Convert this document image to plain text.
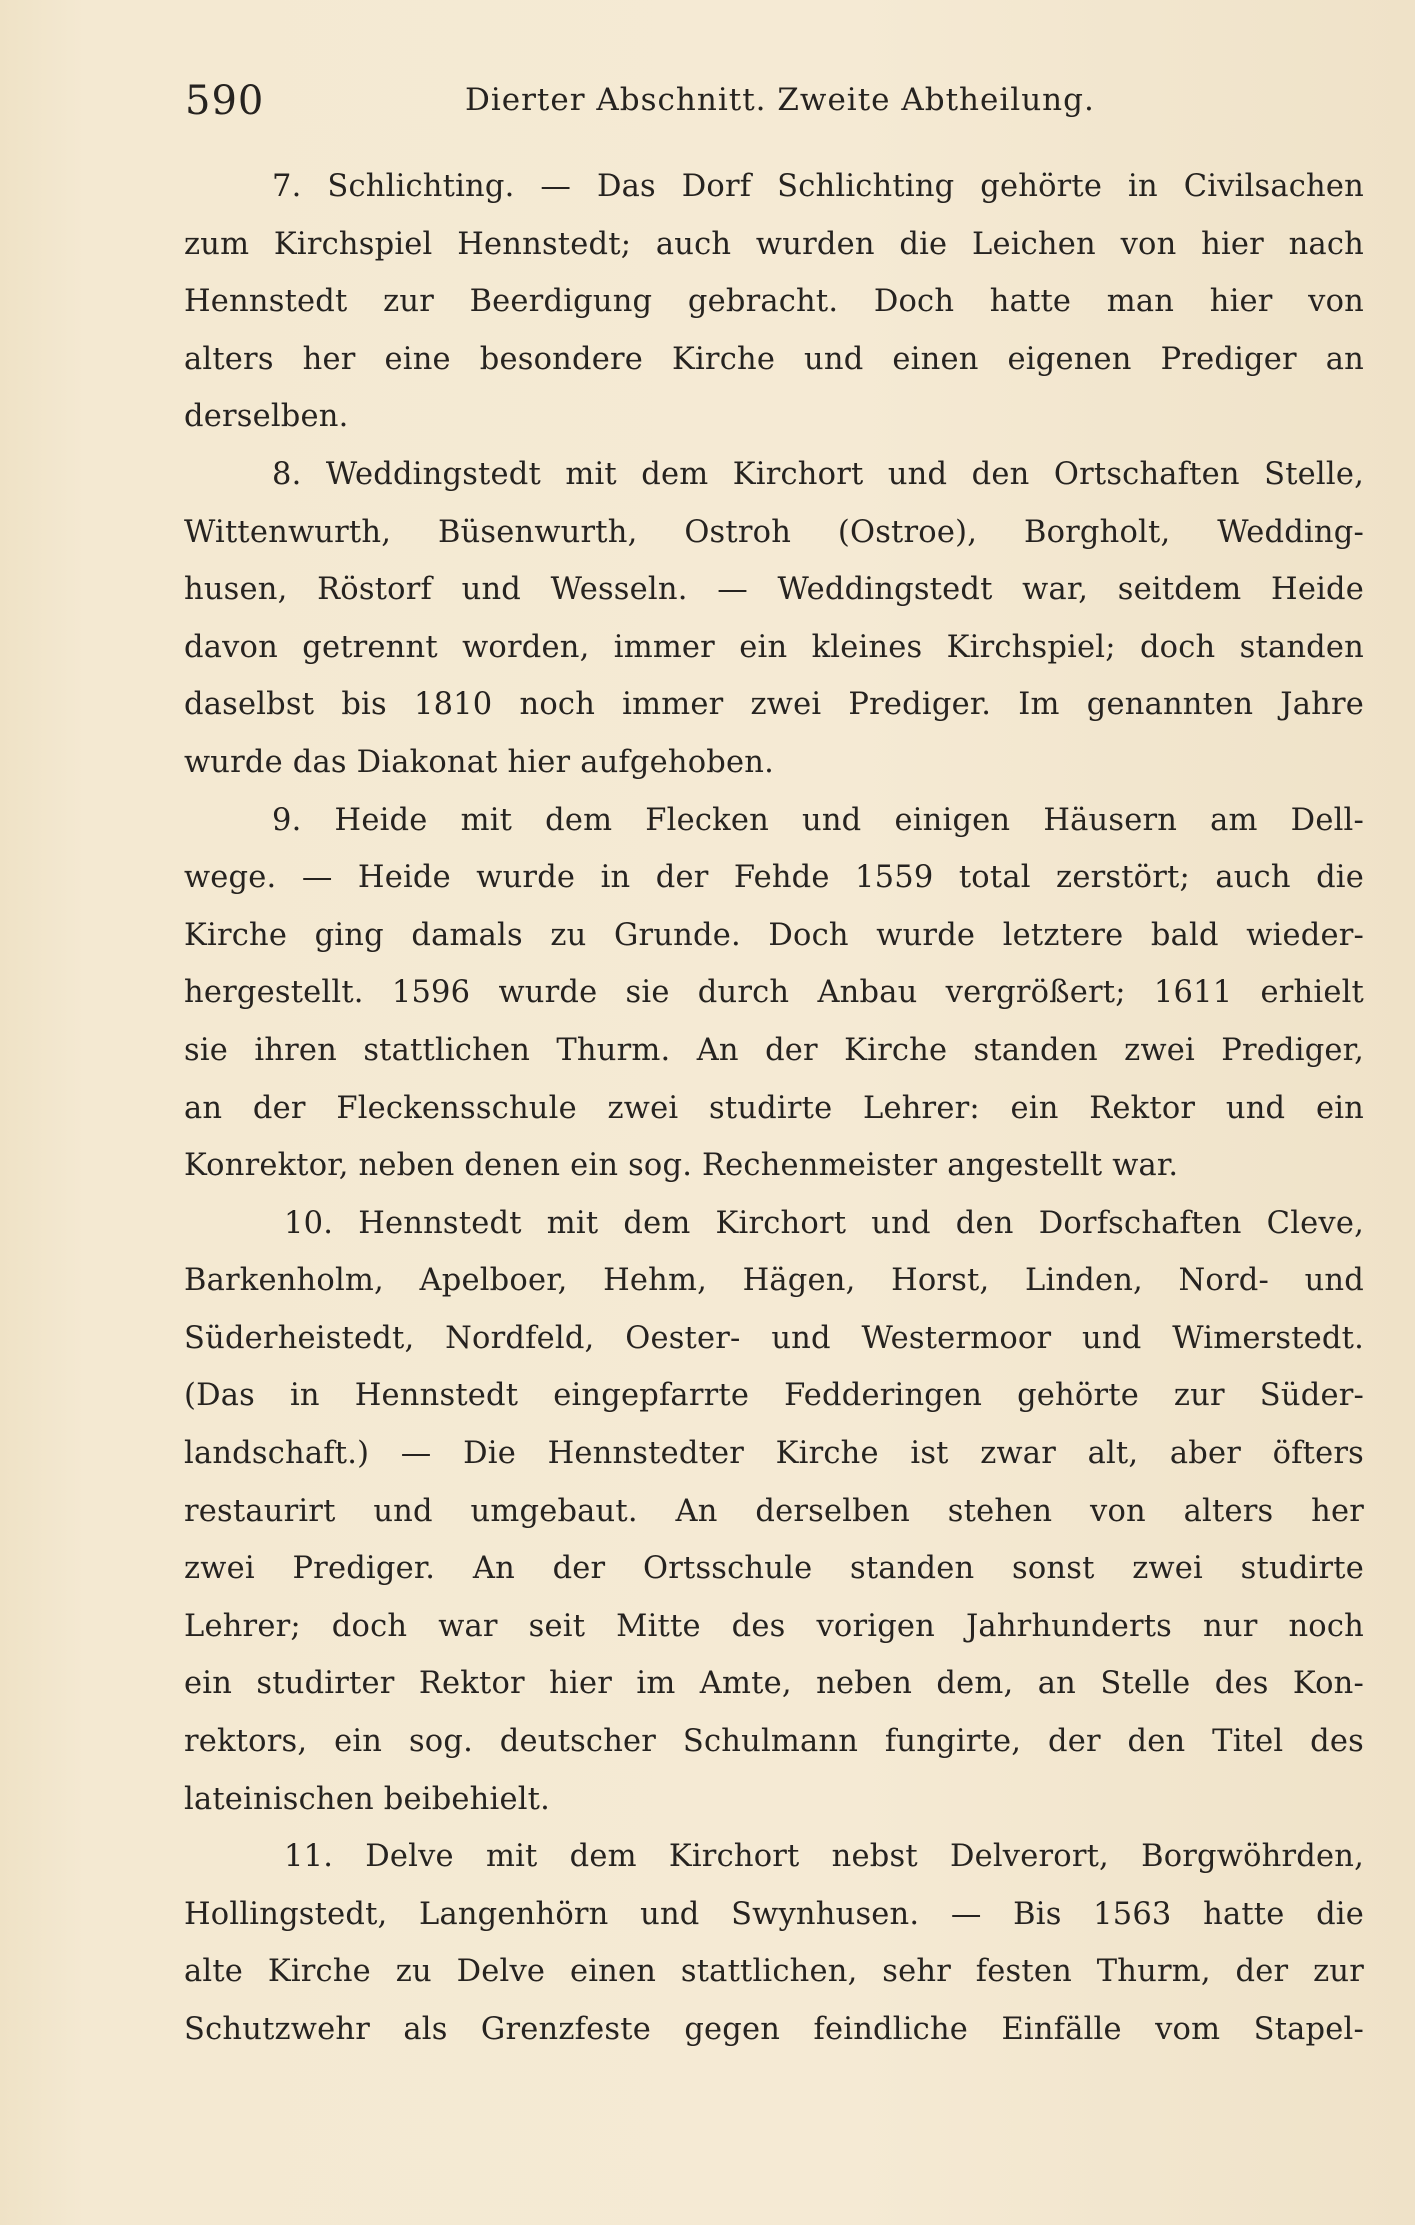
590	Dierter Abschnitt. Zweite Abtheilung.
7. Schlichting. — Das Dorf Schlichting gehörte in Civilsachen
zum Kirchspiel Hennstedt; auch wurden die Leichen von hier nach
Hennstedt zur Beerdigung gebracht. Doch hatte man hier von
alters her eine besondere Kirche und einen eigenen Prediger an
derselben.
8. Weddingstedt mit dem Kirchort und den Ortschaften Stelle,
Wittenwurth, Büsenwurth, Ostroh (Ostroe), Borgholt, Wedding-
husen, Röstorf und Wesseln. — Weddingstedt war, seitdem Heide
davon getrennt worden, immer ein kleines Kirchspiel; doch standen
daselbst bis 1810 noch immer zwei Prediger. Im genannten Jahre
wurde das Diakonat hier aufgehoben.
9. Heide mit dem Flecken und einigen Häusern am Dell-
wege. — Heide wurde in der Fehde 1559 total zerstört; auch die
Kirche ging damals zu Grunde. Doch wurde letztere bald wieder-
hergestellt. 1596 wurde sie durch Anbau vergrößert; 1611 erhielt
sie ihren stattlichen Thurm. An der Kirche standen zwei Prediger,
an der Fleckensschule zwei studirte Lehrer: ein Rektor und ein
Konrektor, neben denen ein sog. Rechenmeister angestellt war.
10. Hennstedt mit dem Kirchort und den Dorfschaften Cleve,
Barkenholm, Apelboer, Hehm, Hägen, Horst, Linden, Nord- und
Süderheistedt, Nordfeld, Oester- und Westermoor und Wimerstedt.
(Das in Hennstedt eingepfarrte Fedderingen gehörte zur Süder-
landschaft.) — Die Hennstedter Kirche ist zwar alt, aber öfters
restaurirt und umgebaut. An derselben stehen von alters her
zwei Prediger. An der Ortsschule standen sonst zwei studirte
Lehrer; doch war seit Mitte des vorigen Jahrhunderts nur noch
ein studirter Rektor hier im Amte, neben dem, an Stelle des Kon-
rektors, ein sog. deutscher Schulmann fungirte, der den Titel des
lateinischen beibehielt.
11. Delve mit dem Kirchort nebst Delverort, Borgwöhrden,
Hollingstedt, Langenhörn und Swynhusen. — Bis 1563 hatte die
alte Kirche zu Delve einen stattlichen, sehr festen Thurm, der zur
Schutzwehr als Grenzfeste gegen feindliche Einfälle vom Stapel-
